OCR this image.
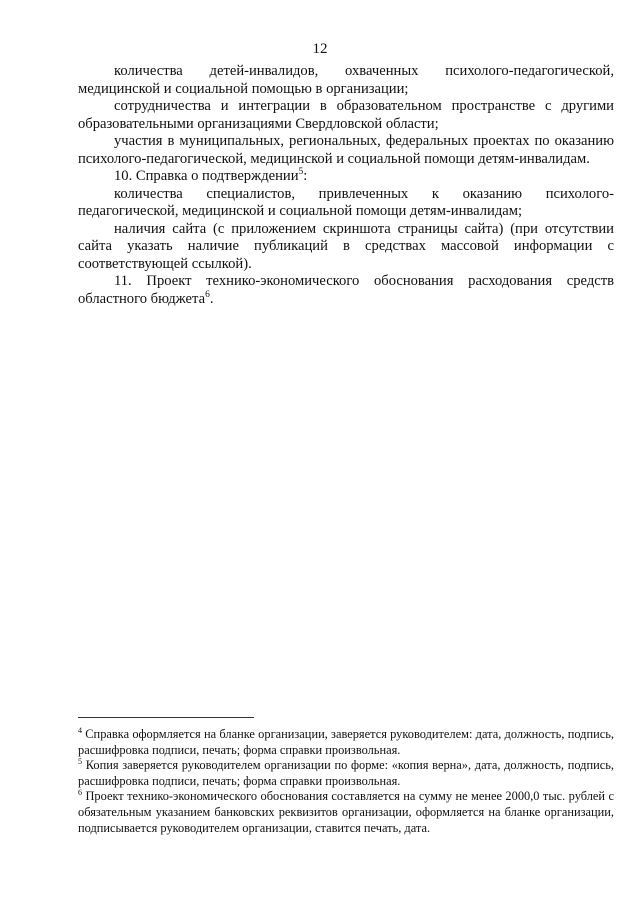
12

количества детей-инвалидов, охваченных психолого-педагогической, медицинской и социальной помощью в организации;

сотрудничества и интеграции в образовательном пространстве с другими образовательными организациями Свердловской области;

участия в муниципальных, региональных, федеральных проектах по оказанию психолого-педагогической, медицинской и социальной помощи детям-инвалидам.

10. Справка о подтверждении$^5$:

количества специалистов, привлеченных к оказанию психолого-педагогической, медицинской и социальной помощи детям-инвалидам;

наличия сайта (с приложением скриншота страницы сайта) (при отсутствии сайта указать наличие публикаций в средствах массовой информации с соответствующей ссылкой).

11. Проект технико-экономического обоснования расходования средств областного бюджета$^6$.

$^4$ Справка оформляется на бланке организации, заверяется руководителем: дата, должность, подпись, расшифровка подписи, печать; форма справки произвольная.

$^5$ Копия заверяется руководителем организации по форме: «копия верна», дата, должность, подпись, расшифровка подписи, печать; форма справки произвольная.

$^6$ Проект технико-экономического обоснования составляется на сумму не менее 2000,0 тыс. рублей с обязательным указанием банковских реквизитов организации, оформляется на бланке организации, подписывается руководителем организации, ставится печать, дата.
